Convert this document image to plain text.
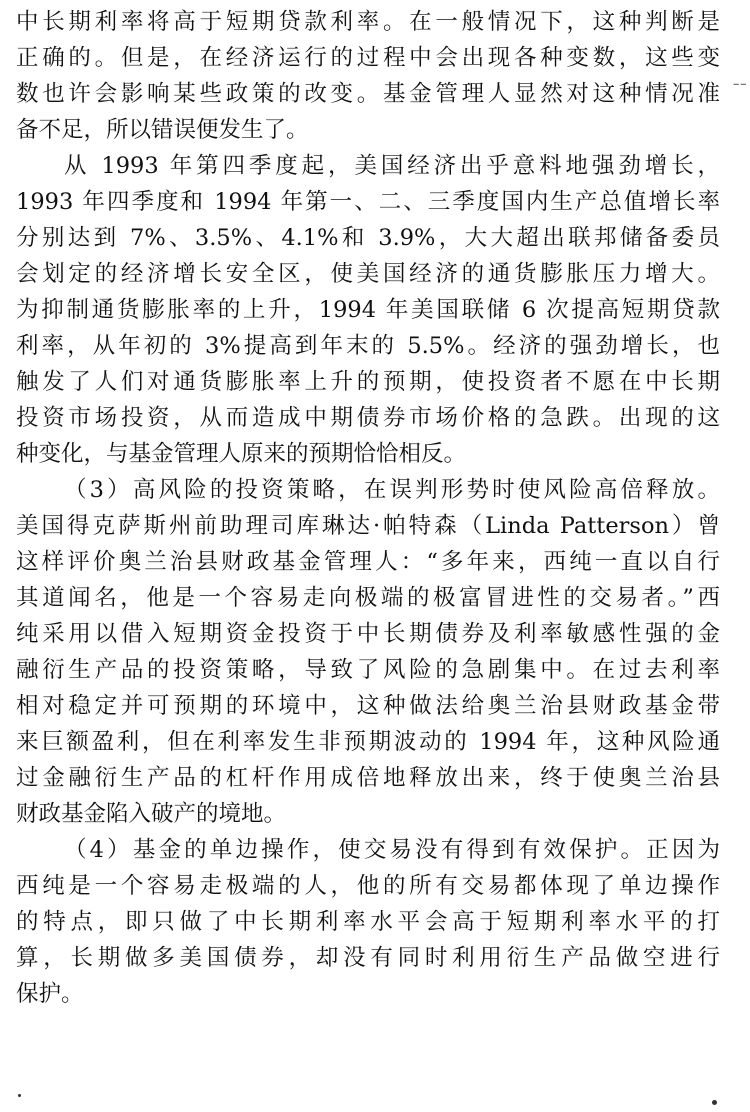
中长期利率将高于短期贷款利率。在一般情况下，这种判断是
正确的。但是，在经济运行的过程中会出现各种变数，这些变
数也许会影响某些政策的改变。基金管理人显然对这种情况准
备不足，所以错误便发生了。
从 1993 年第四季度起，美国经济出乎意料地强劲增长，
1993 年四季度和 1994 年第一、二、三季度国内生产总值增长率
分别达到 7%、3.5%、4.1%和 3.9%，大大超出联邦储备委员
会划定的经济增长安全区，使美国经济的通货膨胀压力增大。
为抑制通货膨胀率的上升，1994 年美国联储 6 次提高短期贷款
利率，从年初的 3%提高到年末的 5.5%。经济的强劲增长，也
触发了人们对通货膨胀率上升的预期，使投资者不愿在中长期
投资市场投资，从而造成中期债券市场价格的急跌。出现的这
种变化，与基金管理人原来的预期恰恰相反。
（3）高风险的投资策略，在误判形势时使风险高倍释放。
美国得克萨斯州前助理司库琳达·帕特森（Linda Patterson）曾
这样评价奥兰治县财政基金管理人：“多年来，西纯一直以自行
其道闻名，他是一个容易走向极端的极富冒进性的交易者。”西
纯采用以借入短期资金投资于中长期债券及利率敏感性强的金
融衍生产品的投资策略，导致了风险的急剧集中。在过去利率
相对稳定并可预期的环境中，这种做法给奥兰治县财政基金带
来巨额盈利，但在利率发生非预期波动的 1994 年，这种风险通
过金融衍生产品的杠杆作用成倍地释放出来，终于使奥兰治县
财政基金陷入破产的境地。
（4）基金的单边操作，使交易没有得到有效保护。正因为
西纯是一个容易走极端的人，他的所有交易都体现了单边操作
的特点，即只做了中长期利率水平会高于短期利率水平的打
算，长期做多美国债券，却没有同时利用衍生产品做空进行
保护。
¦
